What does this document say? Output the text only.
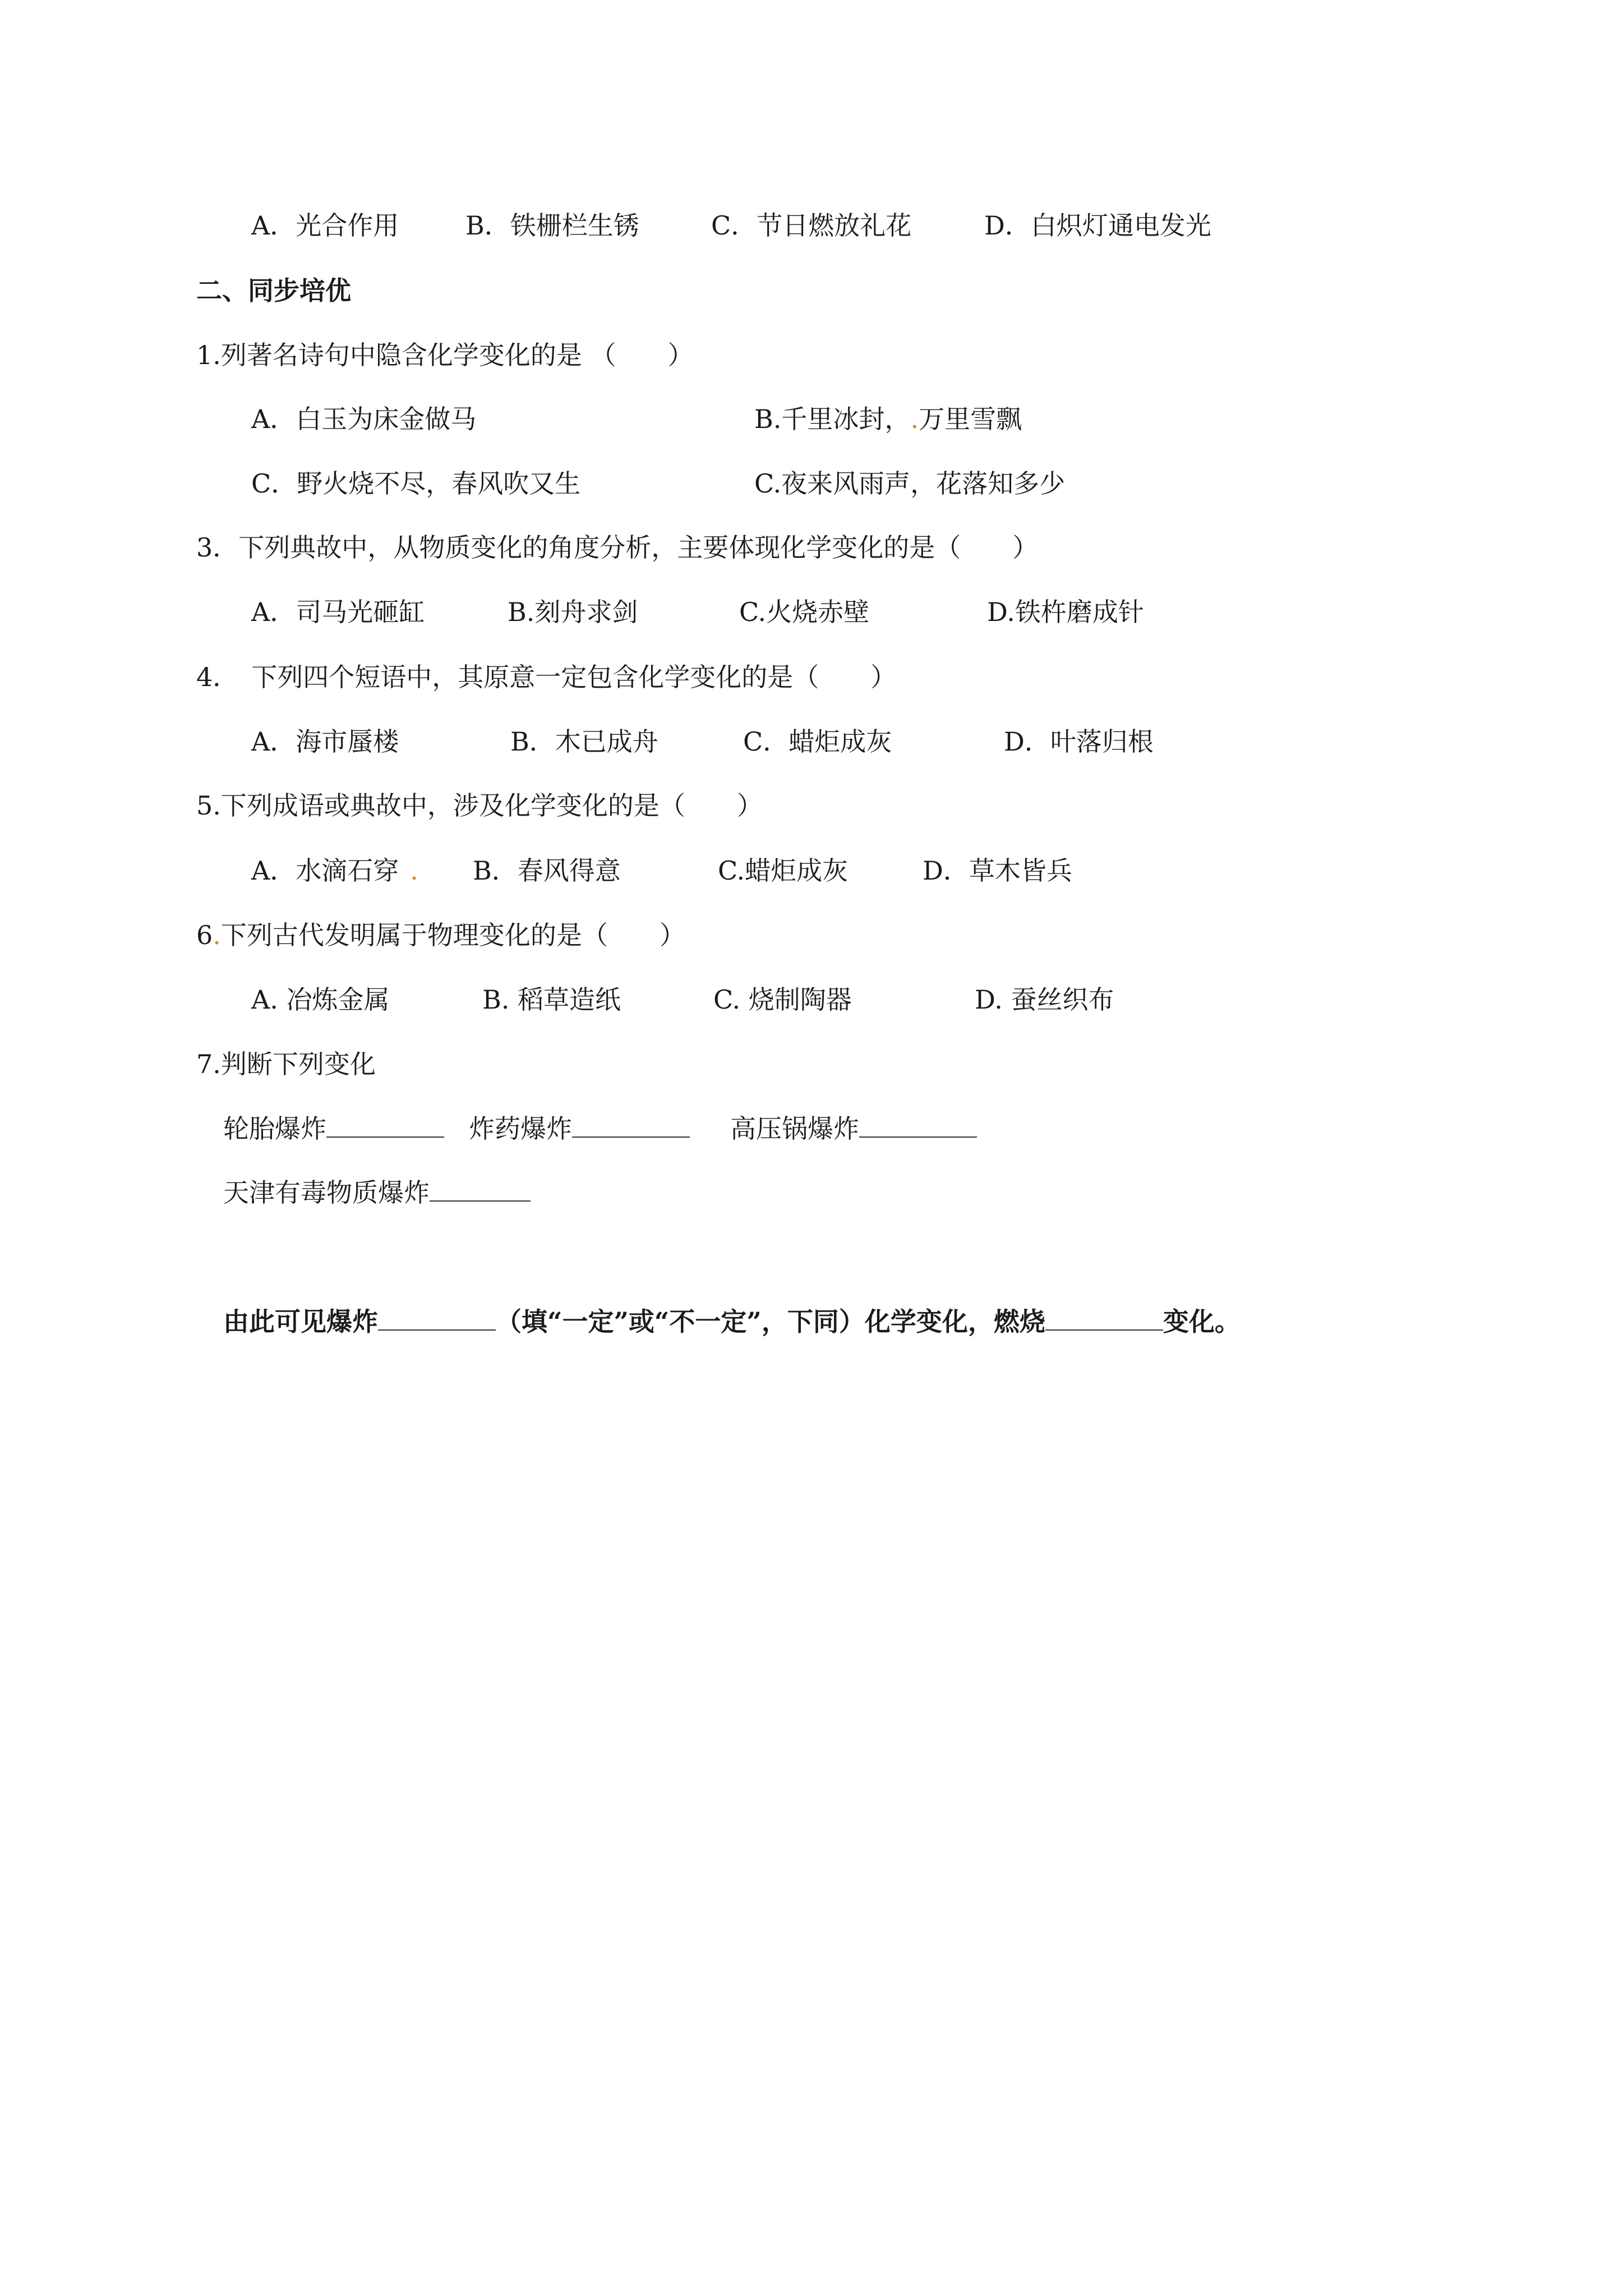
A．光合作用	B．铁栅栏生锈	C．节日燃放礼花	D．白炽灯通电发光
二、同步培优
1.列著名诗句中隐含化学变化的是 （　　）
A．白玉为床金做马	B.千里冰封，.万里雪飘
C．野火烧不尽，春风吹又生	C.夜来风雨声，花落知多少
3．下列典故中，从物质变化的角度分析，主要体现化学变化的是（　　）
A．司马光砸缸	B.刻舟求剑	C.火烧赤壁	D.铁杵磨成针
4．　下列四个短语中，其原意一定包含化学变化的是（　　）
A．海市蜃楼	B．木已成舟	C．蜡炬成灰	D．叶落归根
5.下列成语或典故中，涉及化学变化的是（　　）
A．水滴石穿 . B．春风得意	C.蜡炬成灰	D．草木皆兵
6.下列古代发明属于物理变化的是（　　）
A. 冶炼金属	B. 稻草造纸	C. 烧制陶器	D. 蚕丝织布
7.判断下列变化
轮胎爆炸	炸药爆炸	高压锅爆炸
天津有毒物质爆炸
由此可见爆炸	（填“一定”或“不一定”，下同）化学变化，燃烧	变化。
